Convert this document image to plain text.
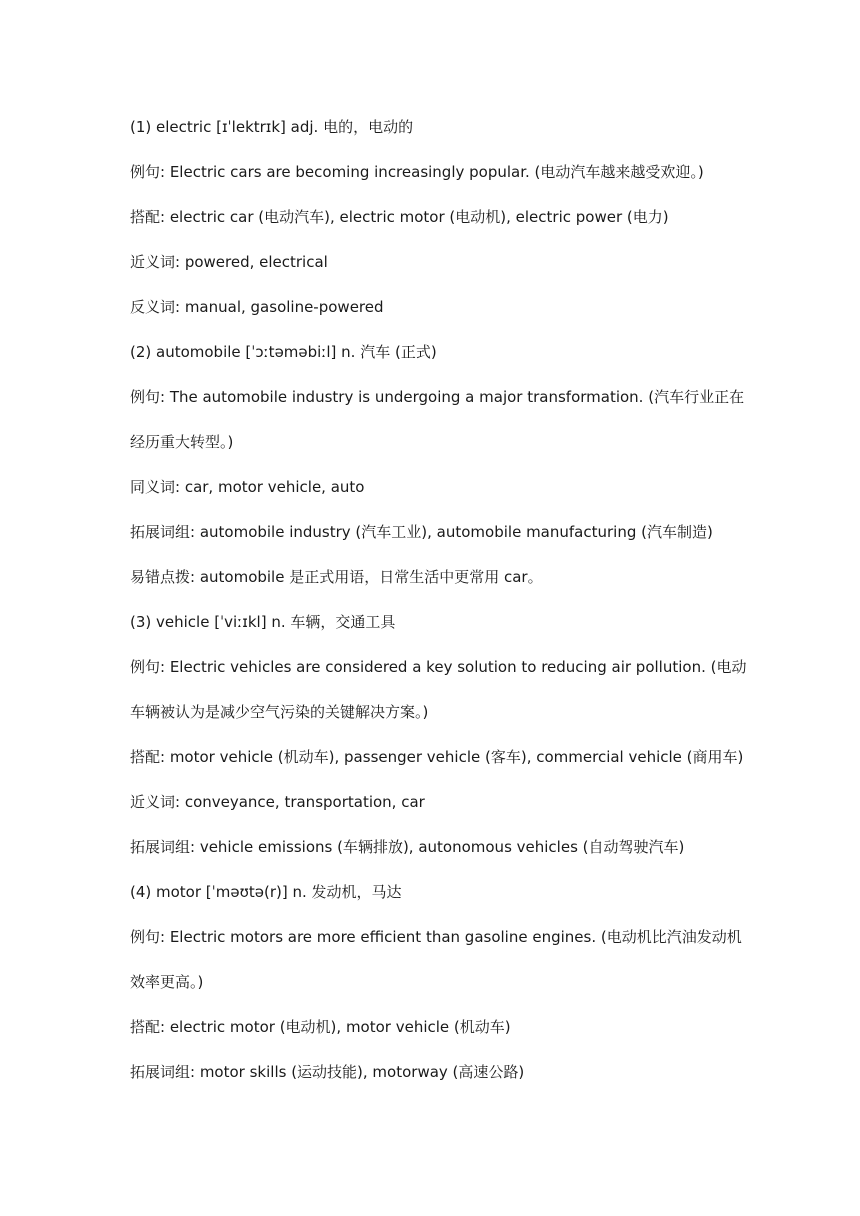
(1) electric [ɪˈlektrɪk] adj. 电的，电动的
例句: Electric cars are becoming increasingly popular. (电动汽车越来越受欢迎。)
搭配: electric car (电动汽车), electric motor (电动机), electric power (电力)
近义词: powered, electrical
反义词: manual, gasoline-powered
(2) automobile [ˈɔːtəməbiːl] n. 汽车 (正式)
例句: The automobile industry is undergoing a major transformation. (汽车行业正在
经历重大转型。)
同义词: car, motor vehicle, auto
拓展词组: automobile industry (汽车工业), automobile manufacturing (汽车制造)
易错点拨: automobile 是正式用语，日常生活中更常用 car。
(3) vehicle [ˈviːɪkl] n. 车辆，交通工具
例句: Electric vehicles are considered a key solution to reducing air pollution. (电动
车辆被认为是减少空气污染的关键解决方案。)
搭配: motor vehicle (机动车), passenger vehicle (客车), commercial vehicle (商用车)
近义词: conveyance, transportation, car
拓展词组: vehicle emissions (车辆排放), autonomous vehicles (自动驾驶汽车)
(4) motor [ˈməʊtə(r)] n. 发动机，马达
例句: Electric motors are more efficient than gasoline engines. (电动机比汽油发动机
效率更高。)
搭配: electric motor (电动机), motor vehicle (机动车)
拓展词组: motor skills (运动技能), motorway (高速公路)
